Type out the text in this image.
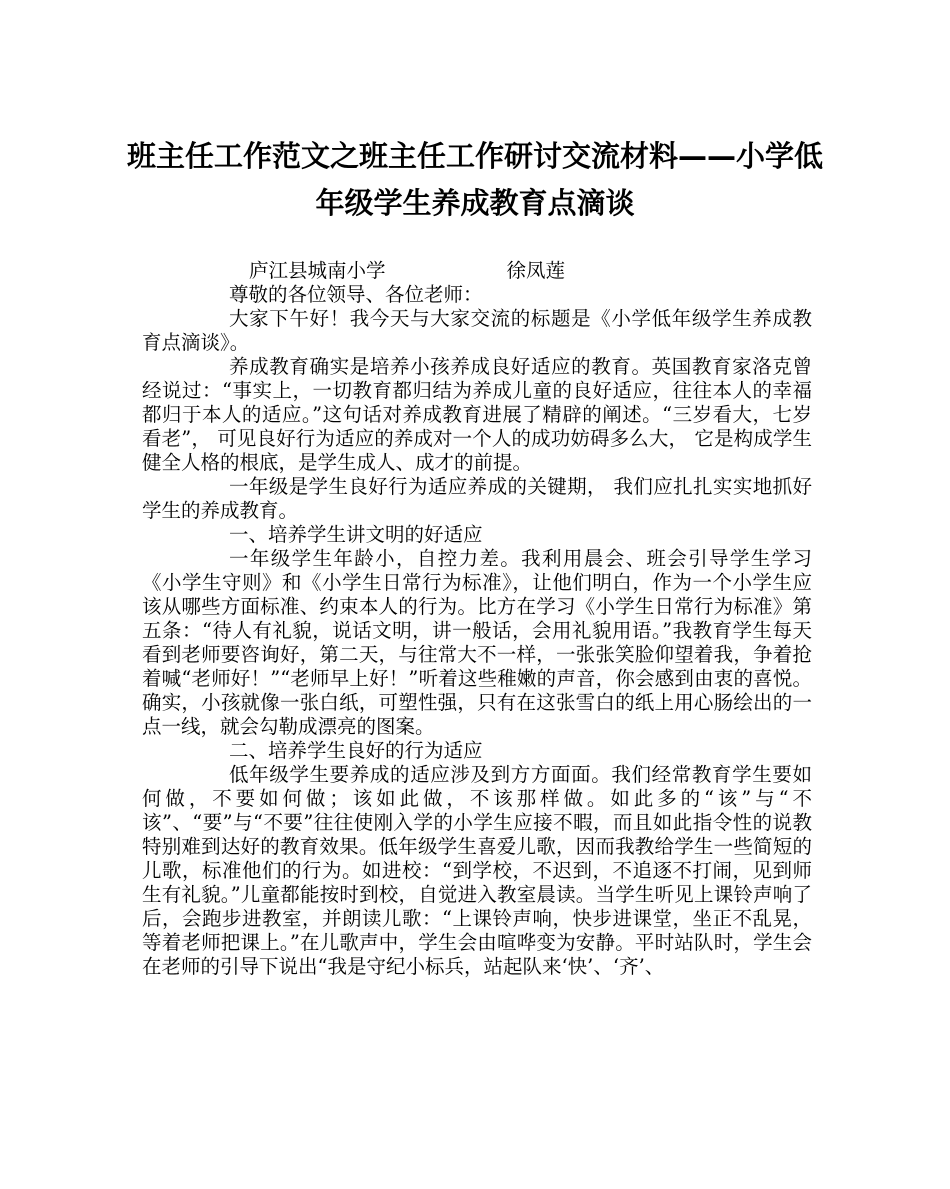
班主任工作范文之班主任工作研讨交流材料——小学低年级学生养成教育点滴谈
庐江县城南小学	徐凤莲

尊敬的各位领导、各位老师：

大家下午好！我今天与大家交流的标题是《小学低年级学生养成教育点滴谈》。

养成教育确实是培养小孩养成良好适应的教育。英国教育家洛克曾经说过：“事实上，一切教育都归结为养成儿童的良好适应，往往本人的幸福都归于本人的适应。”这句话对养成教育进展了精辟的阐述。“三岁看大，七岁看老”， 可见良好行为适应的养成对一个人的成功妨碍多么大， 它是构成学生健全人格的根底，是学生成人、成才的前提。

一年级是学生良好行为适应养成的关键期， 我们应扎扎实实地抓好学生的养成教育。

一、培养学生讲文明的好适应

一年级学生年龄小，自控力差。我利用晨会、班会引导学生学习《小学生守则》和《小学生日常行为标准》，让他们明白，作为一个小学生应该从哪些方面标准、约束本人的行为。比方在学习《小学生日常行为标准》第五条：“待人有礼貌，说话文明，讲一般话，会用礼貌用语。”我教育学生每天看到老师要咨询好，第二天，与往常大不一样，一张张笑脸仰望着我，争着抢着喊“老师好！”“老师早上好！”听着这些稚嫩的声音，你会感到由衷的喜悦。确实，小孩就像一张白纸，可塑性强，只有在这张雪白的纸上用心肠绘出的一点一线，就会勾勒成漂亮的图案。

二、培养学生良好的行为适应

低年级学生要养成的适应涉及到方方面面。我们经常教育学生要如何做，不要如何做；该如此做，不该那样做。如此多的“该”与“不该”、“要”与“不要”往往使刚入学的小学生应接不暇，而且如此指令性的说教特别难到达好的教育效果。低年级学生喜爱儿歌，因而我教给学生一些简短的儿歌，标准他们的行为。如进校：“到学校，不迟到，不追逐不打闹，见到师生有礼貌。”儿童都能按时到校，自觉进入教室晨读。当学生听见上课铃声响了后，会跑步进教室，并朗读儿歌：“上课铃声响，快步进课堂，坐正不乱晃，等着老师把课上。”在儿歌声中，学生会由喧哗变为安静。平时站队时，学生会在老师的引导下说出“我是守纪小标兵，站起队来‘快’、‘齐’、
